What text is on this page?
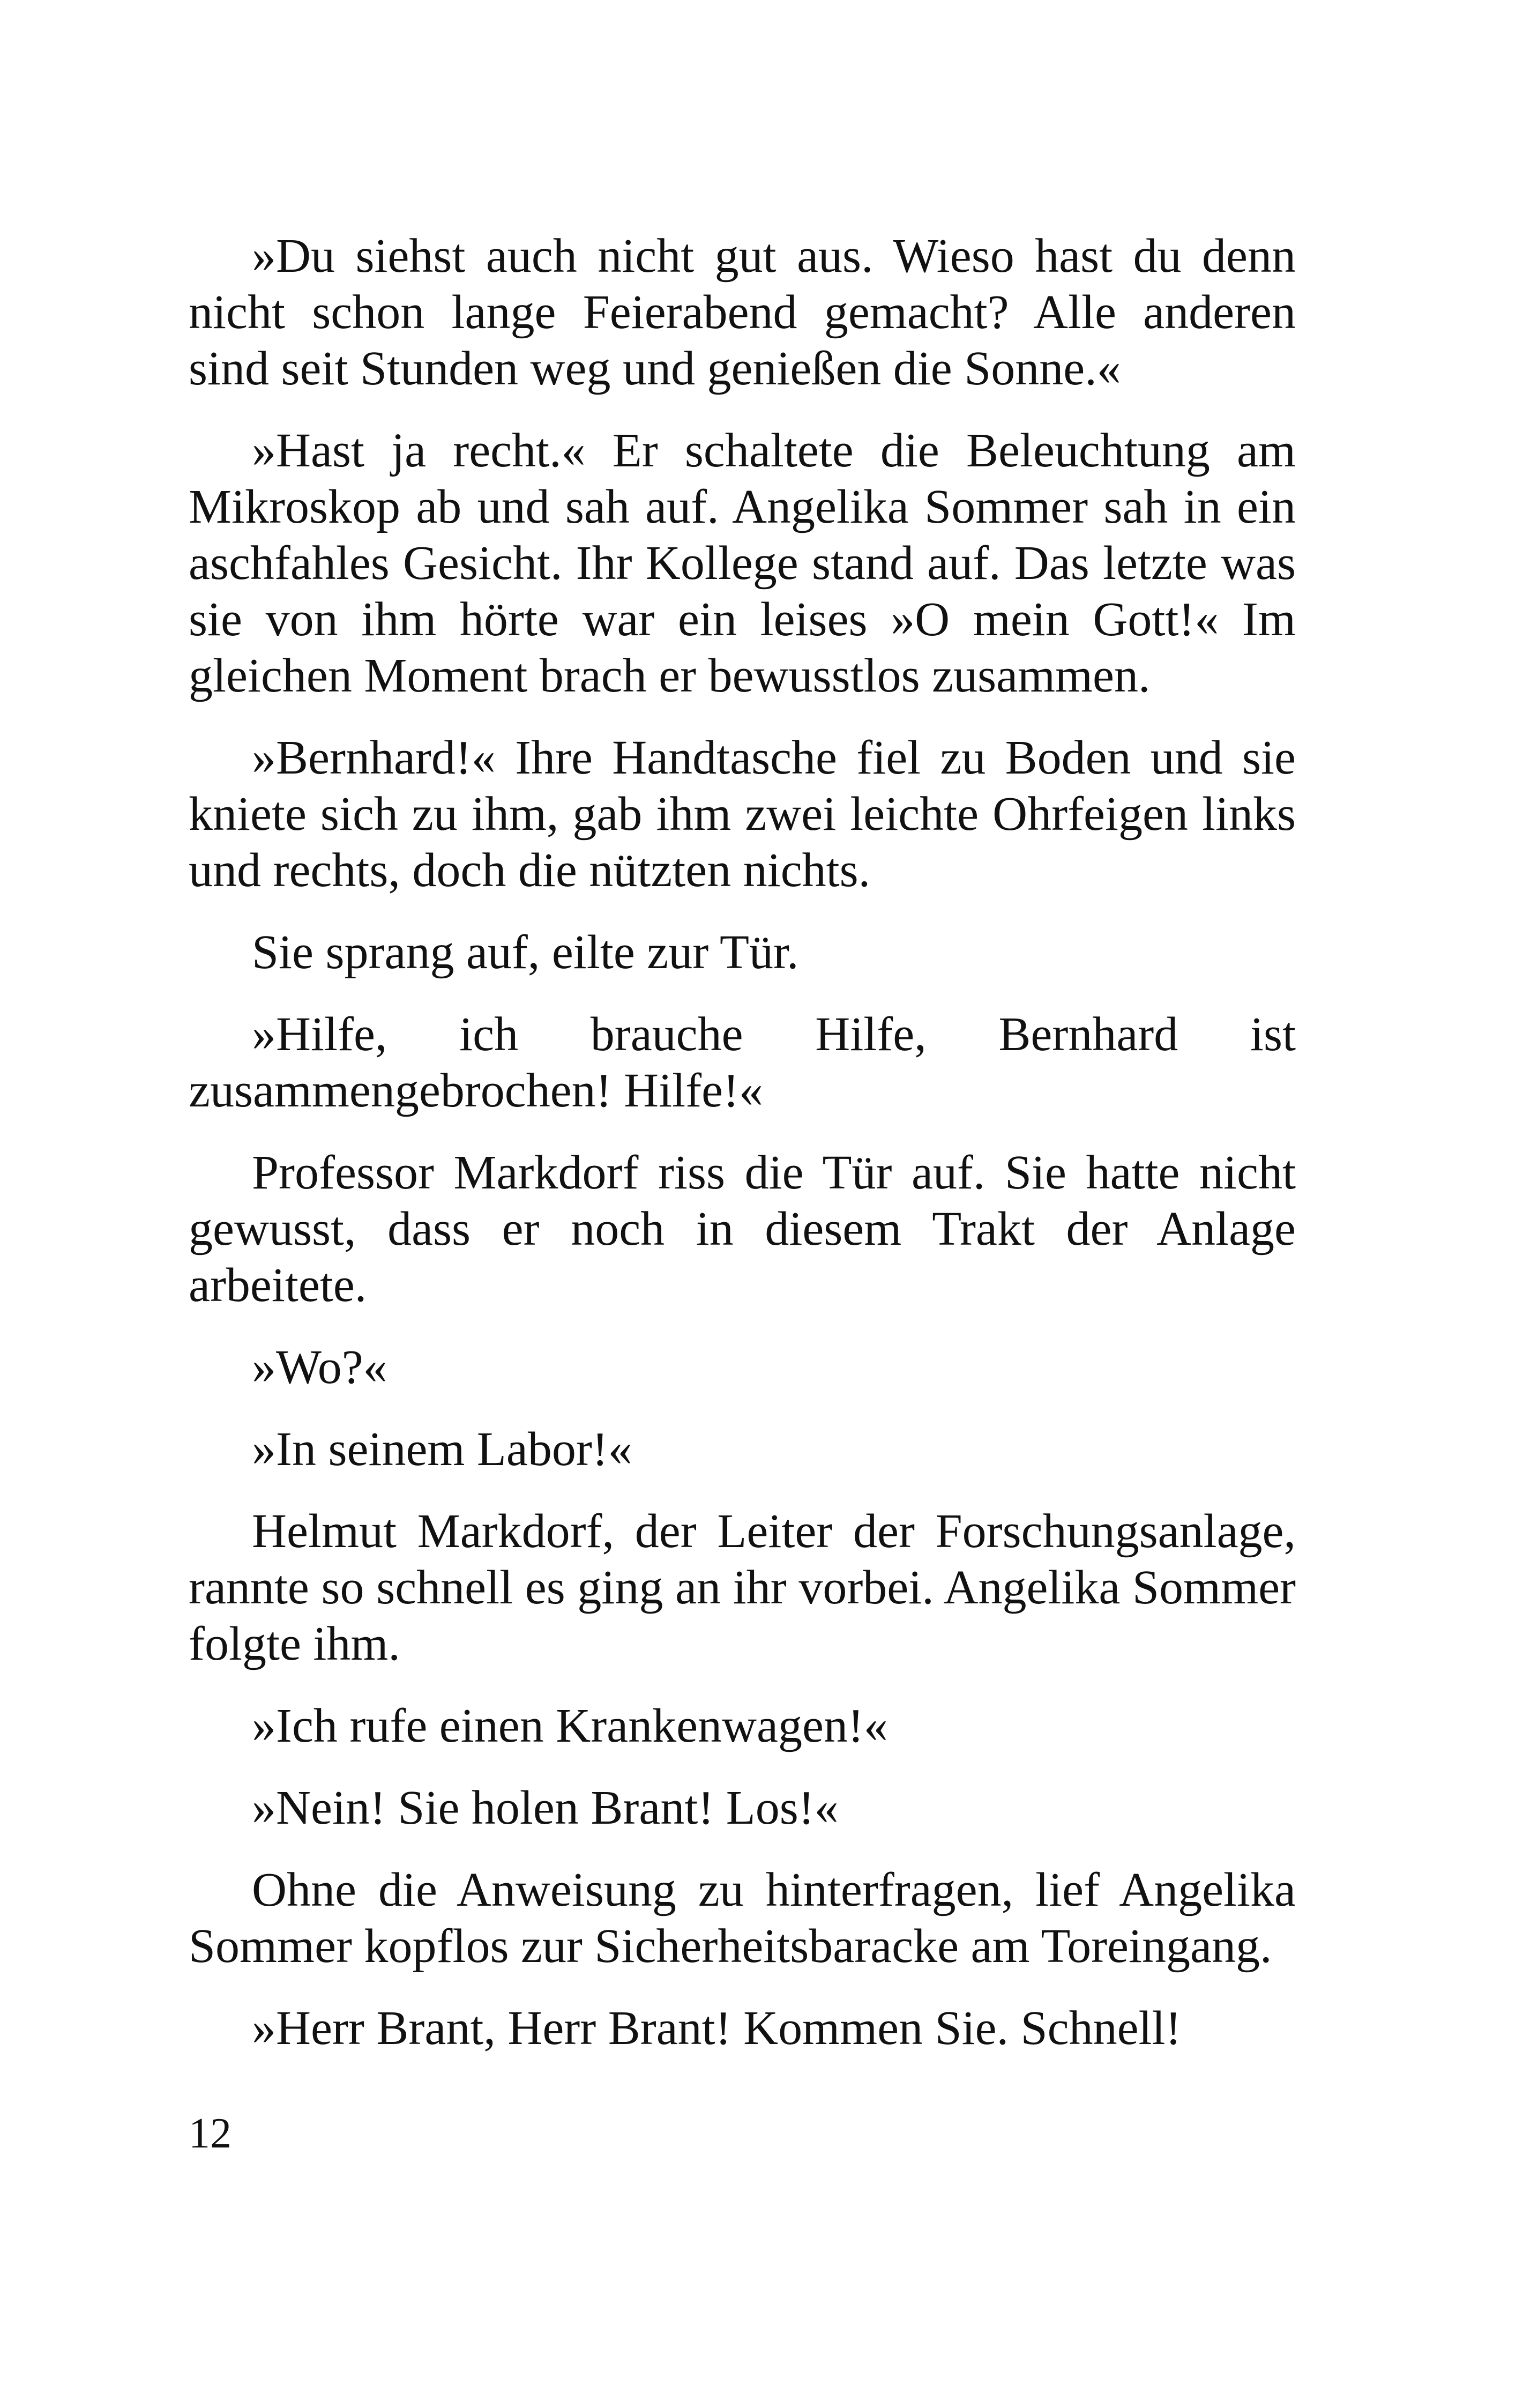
»Du siehst auch nicht gut aus. Wieso hast du denn nicht schon lange Feierabend gemacht? Alle anderen sind seit Stunden weg und genießen die Sonne.«

»Hast ja recht.« Er schaltete die Beleuchtung am Mikroskop ab und sah auf. Angelika Sommer sah in ein aschfahles Gesicht. Ihr Kollege stand auf. Das letzte was sie von ihm hörte war ein leises »O mein Gott!« Im gleichen Moment brach er bewusstlos zusammen.

»Bernhard!« Ihre Handtasche fiel zu Boden und sie kniete sich zu ihm, gab ihm zwei leichte Ohrfeigen links und rechts, doch die nützten nichts.

Sie sprang auf, eilte zur Tür.

»Hilfe, ich brauche Hilfe, Bernhard ist zusammengebrochen! Hilfe!«

Professor Markdorf riss die Tür auf. Sie hatte nicht gewusst, dass er noch in diesem Trakt der Anlage arbeitete.

»Wo?«

»In seinem Labor!«

Helmut Markdorf, der Leiter der Forschungsanlage, rannte so schnell es ging an ihr vorbei. Angelika Sommer folgte ihm.

»Ich rufe einen Krankenwagen!«

»Nein! Sie holen Brant! Los!«

Ohne die Anweisung zu hinterfragen, lief Angelika Sommer kopflos zur Sicherheitsbaracke am Toreingang.

»Herr Brant, Herr Brant! Kommen Sie. Schnell!

12
